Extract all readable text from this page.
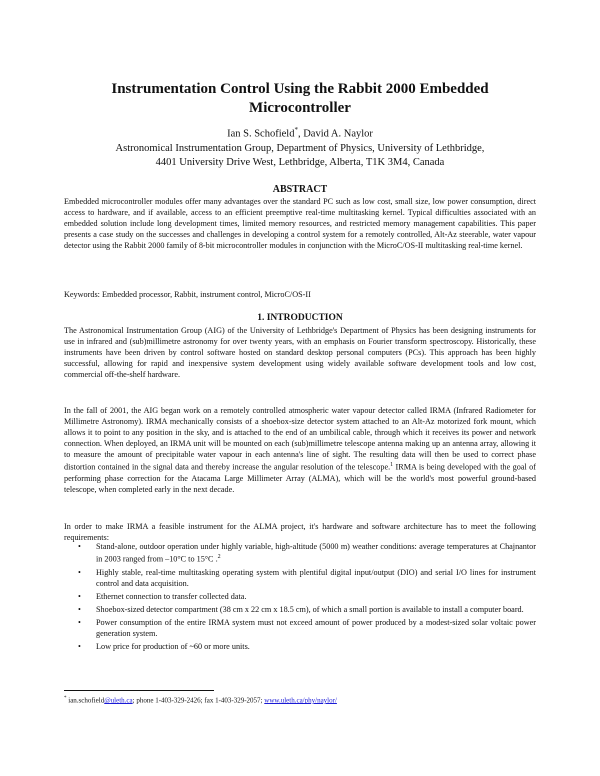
Instrumentation Control Using the Rabbit 2000 Embedded
Microcontroller
Ian S. Schofield*, David A. Naylor
Astronomical Instrumentation Group, Department of Physics, University of Lethbridge,
4401 University Drive West, Lethbridge, Alberta, T1K 3M4, Canada
ABSTRACT

Embedded microcontroller modules offer many advantages over the standard PC such as low cost, small size, low power consumption, direct access to hardware, and if available, access to an efficient preemptive real-time multitasking kernel. Typical difficulties associated with an embedded solution include long development times, limited memory resources, and restricted memory management capabilities. This paper presents a case study on the successes and challenges in developing a control system for a remotely controlled, Alt-Az steerable, water vapour detector using the Rabbit 2000 family of 8-bit microcontroller modules in conjunction with the MicroC/OS-II multitasking real-time kernel.

Keywords: Embedded processor, Rabbit, instrument control, MicroC/OS-II

1. INTRODUCTION

The Astronomical Instrumentation Group (AIG) of the University of Lethbridge's Department of Physics has been designing instruments for use in infrared and (sub)millimetre astronomy for over twenty years, with an emphasis on Fourier transform spectroscopy. Historically, these instruments have been driven by control software hosted on standard desktop personal computers (PCs). This approach has been highly successful, allowing for rapid and inexpensive system development using widely available software development tools and low cost, commercial off-the-shelf hardware.

In the fall of 2001, the AIG began work on a remotely controlled atmospheric water vapour detector called IRMA (Infrared Radiometer for Millimetre Astronomy). IRMA mechanically consists of a shoebox-size detector system attached to an Alt-Az motorized fork mount, which allows it to point to any position in the sky, and is attached to the end of an umbilical cable, through which it receives its power and network connection. When deployed, an IRMA unit will be mounted on each (sub)millimetre telescope antenna making up an antenna array, allowing it to measure the amount of precipitable water vapour in each antenna's line of sight. The resulting data will then be used to correct phase distortion contained in the signal data and thereby increase the angular resolution of the telescope.$^1$ IRMA is being developed with the goal of performing phase correction for the Atacama Large Millimeter Array (ALMA), which will be the world's most powerful ground-based telescope, when completed early in the next decade.

In order to make IRMA a feasible instrument for the ALMA project, it's hardware and software architecture has to meet the following requirements:

• Stand-alone, outdoor operation under highly variable, high-altitude (5000 m) weather conditions: average temperatures at Chajnantor in 2003 ranged from –10°C to 15°C .$^2$
• Highly stable, real-time multitasking operating system with plentiful digital input/output (DIO) and serial I/O lines for instrument control and data acquisition.
• Ethernet connection to transfer collected data.
• Shoebox-sized detector compartment (38 cm x 22 cm x 18.5 cm), of which a small portion is available to install a computer board.
• Power consumption of the entire IRMA system must not exceed amount of power produced by a modest-sized solar voltaic power generation system.
• Low price for production of ~60 or more units.
* ian.schofield@uleth.ca; phone 1-403-329-2426; fax 1-403-329-2057; www.uleth.ca/phy/naylor/
